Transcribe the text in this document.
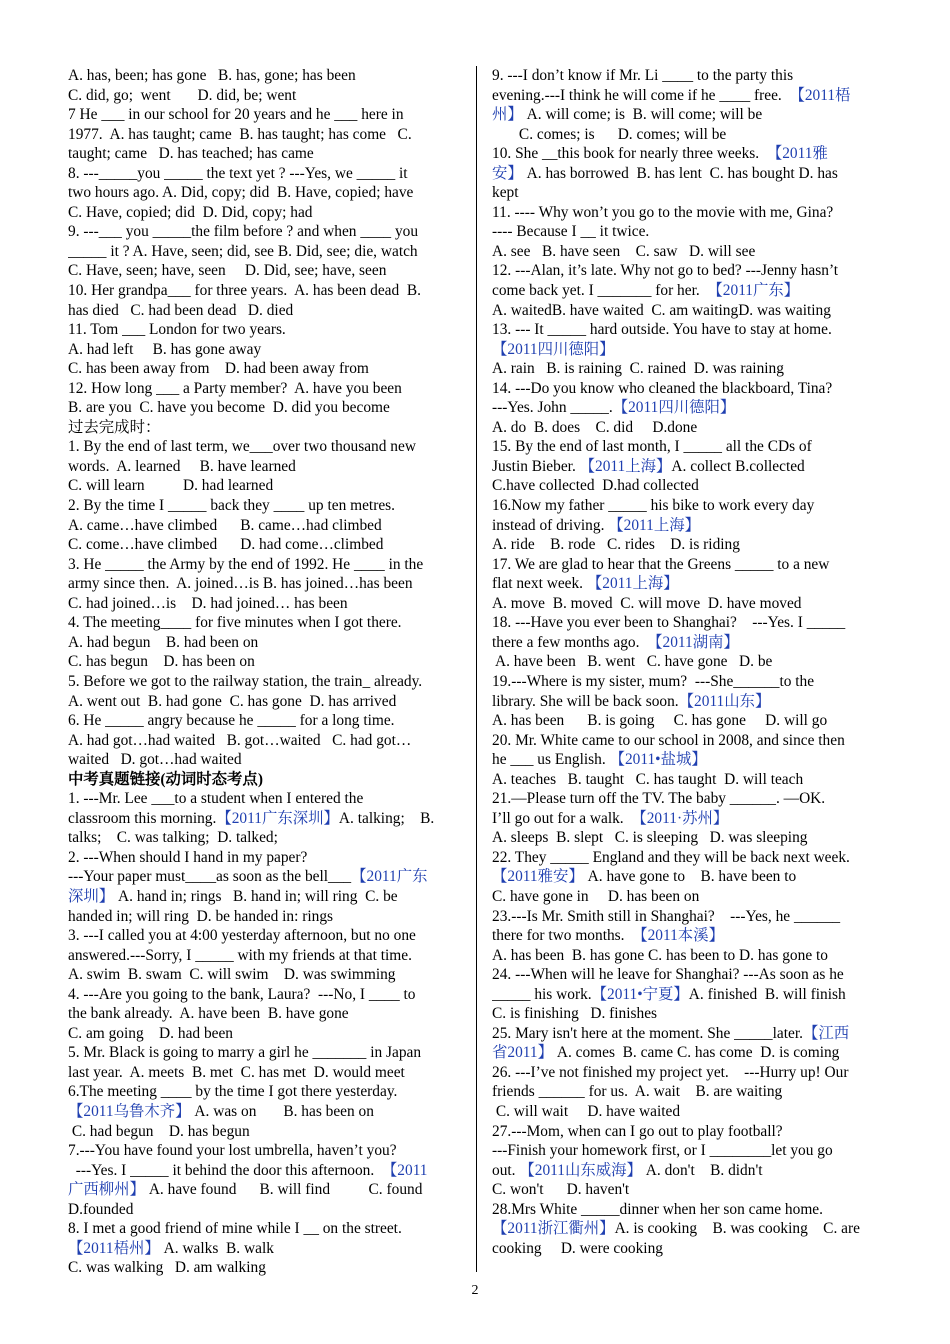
A. has, been; has gone   B. has, gone; has been
C. did, go;  went       D. did, be; went
7 He ___ in our school for 20 years and he ___ here in
1977.  A. has taught; came  B. has taught; has come   C.
taught; came   D. has teached; has came
8. ---_____you _____ the text yet ? ---Yes, we _____ it
two hours ago. A. Did, copy; did  B. Have, copied; have
C. Have, copied; did  D. Did, copy; had
9. ---___ you _____the film before ? and when ____ you
_____ it ? A. Have, seen; did, see B. Did, see; die, watch
C. Have, seen; have, seen     D. Did, see; have, seen
10. Her grandpa___ for three years.  A. has been dead  B.
has died   C. had been dead   D. died
11. Tom ___ London for two years.
A. had left     B. has gone away
C. has been away from    D. had been away from
12. How long ___ a Party member?  A. have you been
B. are you  C. have you become  D. did you become
过去完成时：
1. By the end of last term, we___over two thousand new
words.  A. learned     B. have learned
C. will learn          D. had learned
2. By the time I _____ back they ____ up ten metres.
A. came…have climbed      B. came…had climbed
C. come…have climbed      D. had come…climbed
3. He _____ the Army by the end of 1992. He ____ in the
army since then.  A. joined…is B. has joined…has been
C. had joined…is    D. had joined… has been
4. The meeting____ for five minutes when I got there.
A. had begun    B. had been on
C. has begun    D. has been on
5. Before we got to the railway station, the train_ already.
A. went out  B. had gone  C. has gone  D. has arrived
6. He _____ angry because he _____ for a long time.
A. had got…had waited   B. got…waited   C. had got…
waited   D. got…had waited
中考真题链接(动词时态考点)
1. ---Mr. Lee ___to a student when I entered the
classroom this morning.【2011广东深圳】A. talking;    B.
talks;    C. was talking;  D. talked;
2. ---When should I hand in my paper?
---Your paper must____as soon as the bell___【2011广东
深圳】 A. hand in; rings   B. hand in; will ring  C. be
handed in; will ring  D. be handed in: rings
3. ---I called you at 4:00 yesterday afternoon, but no one
answered.---Sorry, I _____ with my friends at that time.
A. swim  B. swam  C. will swim    D. was swimming
4. ---Are you going to the bank, Laura?  ---No, I ____ to
the bank already.  A. have been  B. have gone
C. am going    D. had been
5. Mr. Black is going to marry a girl he _______ in Japan
last year.  A. meets  B. met  C. has met  D. would meet
6.The meeting ____ by the time I got there yesterday.
【2011乌鲁木齐】 A. was on       B. has been on
C. had begun    D. has begun
7.---You have found your lost umbrella, haven’t you?
---Yes. I _____ it behind the door this afternoon.  【2011
广西柳州】 A. have found      B. will find          C. found
D.founded
8. I met a good friend of mine while I __ on the street.
【2011梧州】 A. walks  B. walk
C. was walking   D. am walking
9. ---I don’t know if Mr. Li ____ to the party this
evening.---I think he will come if he ____ free.  【2011梧
州】 A. will come; is  B. will come; will be
C. comes; is      D. comes; will be
10. She __this book for nearly three weeks.  【2011雅
安】 A. has borrowed  B. has lent  C. has bought D. has
kept
11. ---- Why won’t you go to the movie with me, Gina?
---- Because I __ it twice.
A. see   B. have seen    C. saw   D. will see
12. ---Alan, it’s late. Why not go to bed? ---Jenny hasn’t
come back yet. I _______ for her.  【2011广东】
A. waitedB. have waited  C. am waitingD. was waiting
13. --- It _____ hard outside. You have to stay at home.
【2011四川德阳】
A. rain   B. is raining  C. rained  D. was raining
14. ---Do you know who cleaned the blackboard, Tina?
---Yes. John _____.【2011四川德阳】
A. do  B. does    C. did     D.done
15. By the end of last month, I _____ all the CDs of
Justin Bieber. 【2011上海】A. collect B.collected
C.have collected  D.had collected
16.Now my father _____ his bike to work every day
instead of driving. 【2011上海】
A. ride    B. rode   C. rides    D. is riding
17. We are glad to hear that the Greens _____ to a new
flat next week. 【2011上海】
A. move  B. moved  C. will move  D. have moved
18. ---Have you ever been to Shanghai?    ---Yes. I _____
there a few months ago.  【2011湖南】
A. have been   B. went   C. have gone   D. be
19.---Where is my sister, mum?  ---She______to the
library. She will be back soon.【2011山东】
A. has been      B. is going     C. has gone     D. will go
20. Mr. White came to our school in 2008, and since then
he ___ us English. 【2011•盐城】
A. teaches   B. taught   C. has taught  D. will teach
21.—Please turn off the TV. The baby ______. —OK.
I’ll go out for a walk.  【2011·苏州】
A. sleeps  B. slept   C. is sleeping   D. was sleeping
22. They _____ England and they will be back next week.
【2011雅安】 A. have gone to    B. have been to
C. have gone in     D. has been on
23.---Is Mr. Smith still in Shanghai?    ---Yes, he ______
there for two months.  【2011本溪】
A. has been  B. has gone C. has been to D. has gone to
24. ---When will he leave for Shanghai? ---As soon as he
_____ his work.【2011•宁夏】A. finished  B. will finish
C. is finishing   D. finishes
25. Mary isn't here at the moment. She _____later.【江西
省2011】 A. comes  B. came C. has come  D. is coming
26. ---I’ve not finished my project yet.    ---Hurry up! Our
friends ______ for us.  A. wait    B. are waiting
C. will wait     D. have waited
27.---Mom, when can I go out to play football?
---Finish your homework first, or I ________let you go
out. 【2011山东威海】 A. don't    B. didn't
C. won't      D. haven't
28.Mrs White _____dinner when her son came home.
【2011浙江衢州】A. is cooking    B. was cooking    C. are
cooking     D. were cooking
2
